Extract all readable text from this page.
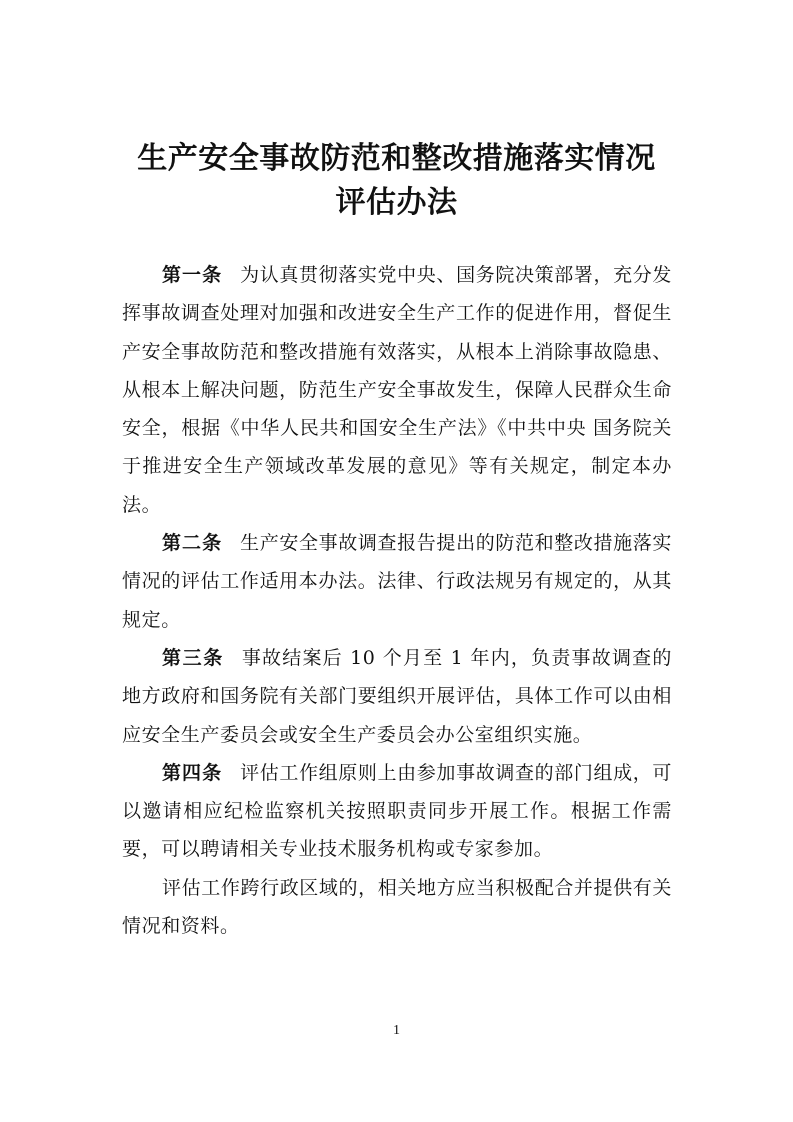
生产安全事故防范和整改措施落实情况
评估办法

第一条 为认真贯彻落实党中央、国务院决策部署，充分发挥事故调查处理对加强和改进安全生产工作的促进作用，督促生产安全事故防范和整改措施有效落实，从根本上消除事故隐患、从根本上解决问题，防范生产安全事故发生，保障人民群众生命安全，根据《中华人民共和国安全生产法》《中共中央 国务院关于推进安全生产领域改革发展的意见》等有关规定，制定本办法。

第二条 生产安全事故调查报告提出的防范和整改措施落实情况的评估工作适用本办法。法律、行政法规另有规定的，从其规定。

第三条 事故结案后 10 个月至 1 年内，负责事故调查的地方政府和国务院有关部门要组织开展评估，具体工作可以由相应安全生产委员会或安全生产委员会办公室组织实施。

第四条 评估工作组原则上由参加事故调查的部门组成，可以邀请相应纪检监察机关按照职责同步开展工作。根据工作需要，可以聘请相关专业技术服务机构或专家参加。

评估工作跨行政区域的，相关地方应当积极配合并提供有关情况和资料。

1
